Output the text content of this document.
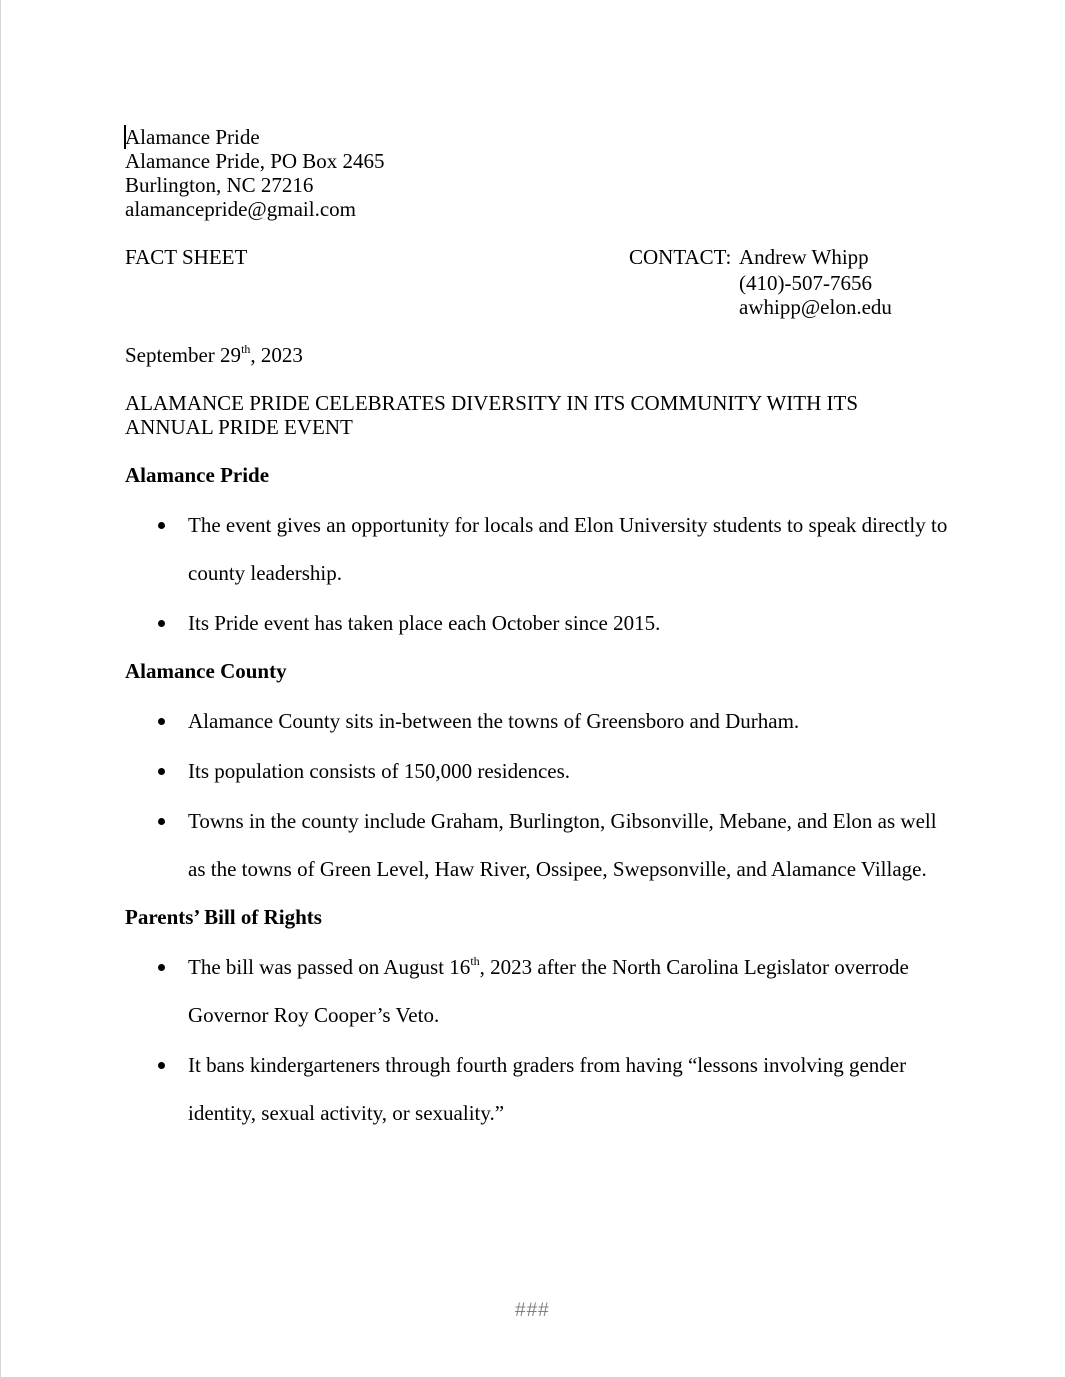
Alamance Pride
Alamance Pride, PO Box 2465
Burlington, NC 27216
alamancepride@gmail.com
FACT SHEET	CONTACT: Andrew Whipp
(410)-507-7656
awhipp@elon.edu
September 29th, 2023
ALAMANCE PRIDE CELEBRATES DIVERSITY IN ITS COMMUNITY WITH ITS
ANNUAL PRIDE EVENT
Alamance Pride
The event gives an opportunity for locals and Elon University students to speak directly to county leadership.
Its Pride event has taken place each October since 2015.
Alamance County
Alamance County sits in-between the towns of Greensboro and Durham.
Its population consists of 150,000 residences.
Towns in the county include Graham, Burlington, Gibsonville, Mebane, and Elon as well as the towns of Green Level, Haw River, Ossipee, Swepsonville, and Alamance Village.
Parents’ Bill of Rights
The bill was passed on August 16th, 2023 after the North Carolina Legislator overrode Governor Roy Cooper’s Veto.
It bans kindergarteners through fourth graders from having “lessons involving gender identity, sexual activity, or sexuality.”
###
